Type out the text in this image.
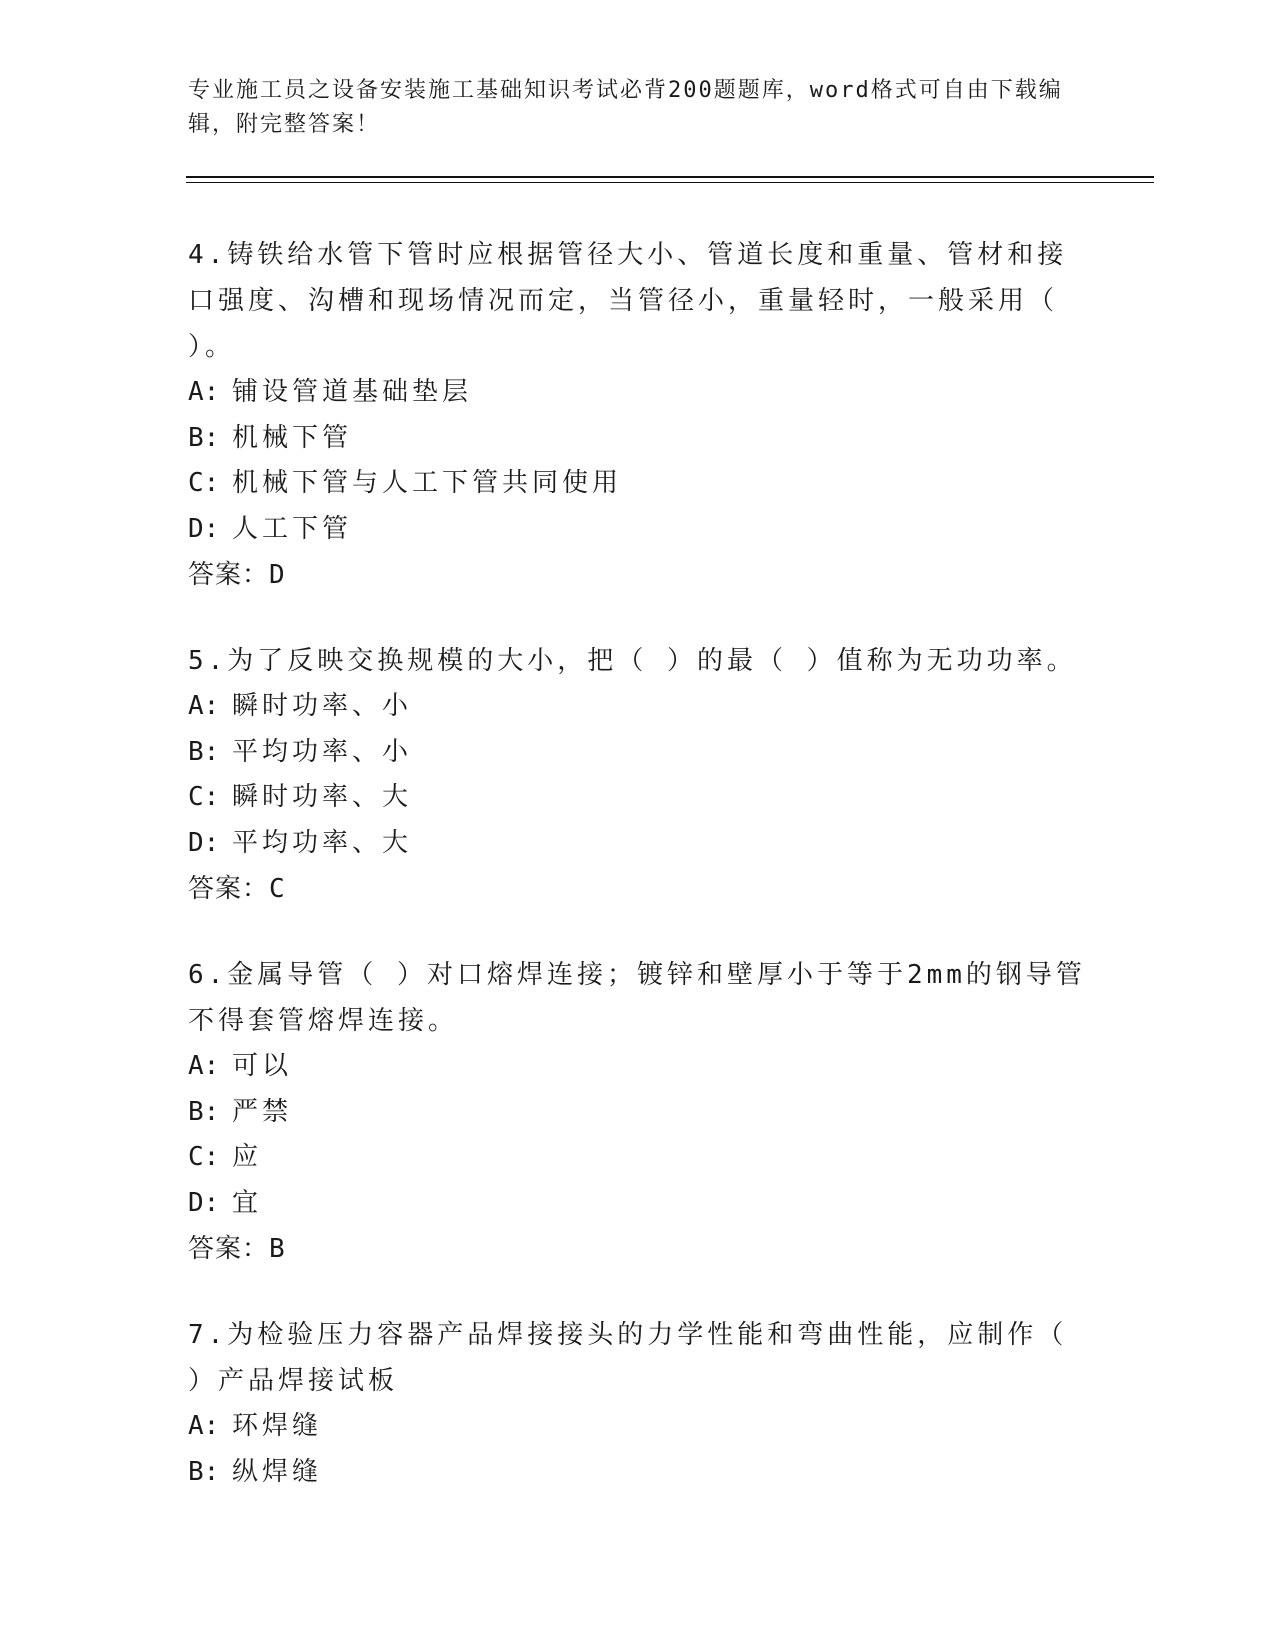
专业施工员之设备安装施工基础知识考试必背200题题库，word格式可自由下载编辑，附完整答案！
4.铸铁给水管下管时应根据管径大小、管道长度和重量、管材和接口强度、沟槽和现场情况而定，当管径小，重量轻时，一般采用（ ）。
A: 铺设管道基础垫层
B: 机械下管
C: 机械下管与人工下管共同使用
D: 人工下管
答案：D
5.为了反映交换规模的大小，把（ ）的最（ ）值称为无功功率。
A: 瞬时功率、小
B: 平均功率、小
C: 瞬时功率、大
D: 平均功率、大
答案：C
6.金属导管（ ）对口熔焊连接；镀锌和壁厚小于等于2mm的钢导管不得套管熔焊连接。
A: 可以
B: 严禁
C: 应
D: 宜
答案：B
7.为检验压力容器产品焊接接头的力学性能和弯曲性能，应制作（ ）产品焊接试板
A: 环焊缝
B: 纵焊缝
